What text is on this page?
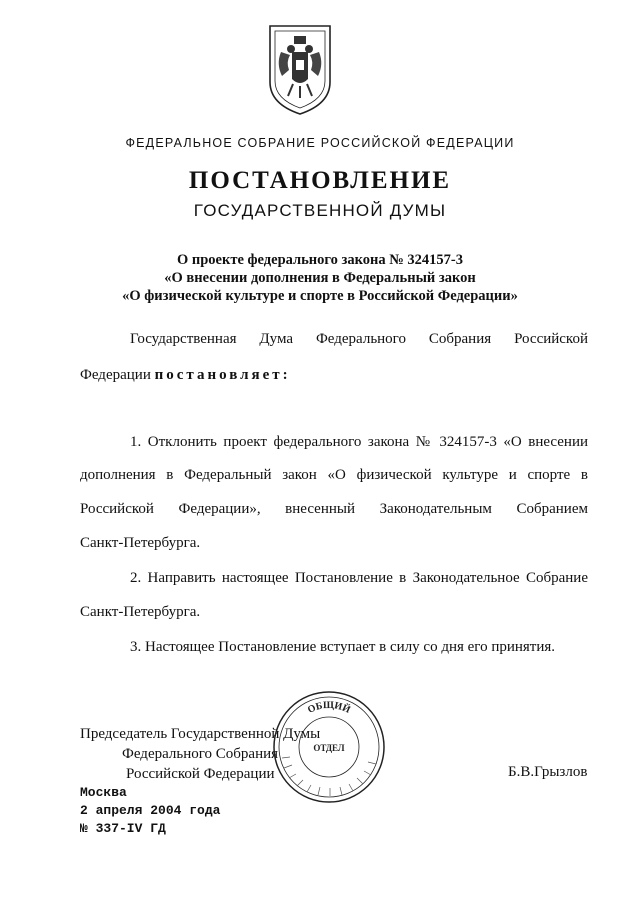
ФЕДЕРАЛЬНОЕ СОБРАНИЕ РОССИЙСКОЙ ФЕДЕРАЦИИ
ПОСТАНОВЛЕНИЕ
ГОСУДАРСТВЕННОЙ ДУМЫ
О проекте федерального закона № 324157-3
«О внесении дополнения в Федеральный закон
«О физической культуре и спорте в Российской Федерации»
Государственная Дума Федерального Собрания Российской
Федерации постановляет:
1. Отклонить проект федерального закона № 324157-3 «О внесении
дополнения в Федеральный закон «О физической культуре и спорте в
Российской Федерации», внесенный Законодательным Собранием
Санкт-Петербурга.
2. Направить настоящее Постановление в Законодательное Собрание
Санкт-Петербурга.
3. Настоящее Постановление вступает в силу со дня его принятия.
Председатель Государственной Думы
Федерального Собрания
Российской Федерации	Б.В.Грызлов
ОБЩИЙ
ОТДЕЛ
Москва
2 апреля 2004 года
№ 337-IV ГД
